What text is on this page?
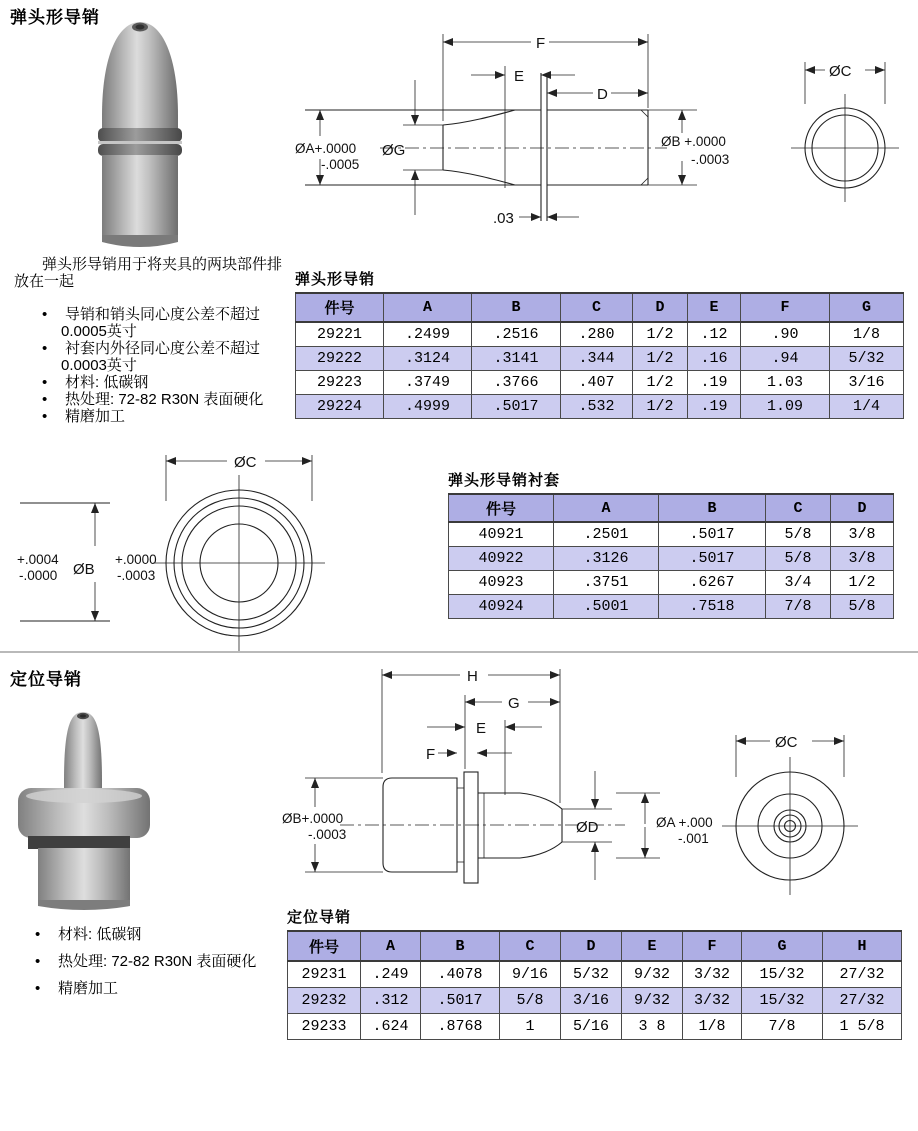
弹头形导销
F
E
D
ØA+.0000
-.0005
ØG
.03
ØB +.0000
-.0003
ØC
弹头形导销用于将夹具的两块部件排放在一起
• 导销和销头同心度公差不超过 0.0005英寸
• 衬套内外径同心度公差不超过 0.0003英寸
• 材料: 低碳钢
• 热处理: 72-82 R30N 表面硬化
• 精磨加工
弹头形导销
件号	A	B	C	D	E	F	G
29221	.2499	.2516	.280	1/2	.12	.90	1/8
29222	.3124	.3141	.344	1/2	.16	.94	5/32
29223	.3749	.3766	.407	1/2	.19	1.03	3/16
29224	.4999	.5017	.532	1/2	.19	1.09	1/4
+.0004
-.0000 ØB
+.0000
-.0003
ØC
弹头形导销衬套
件号	A	B	C	D
40921	.2501	.5017	5/8	3/8
40922	.3126	.5017	5/8	3/8
40923	.3751	.6267	3/4	1/2
40924	.5001	.7518	7/8	5/8
定位导销	H
G
E
F
ØB+.0000
-.0003	ØD	ØA +.000
-.001
ØC
• 材料: 低碳钢
• 热处理: 72-82 R30N 表面硬化
• 精磨加工
定位导销
件号	A	B	C	D	E	F	G	H
29231	.249	.4078	9/16	5/32	9/32	3/32	15/32	27/32
29232	.312	.5017	5/8	3/16	9/32	3/32	15/32	27/32
29233	.624	.8768	1	5/16	3 8	1/8	7/8	1 5/8
